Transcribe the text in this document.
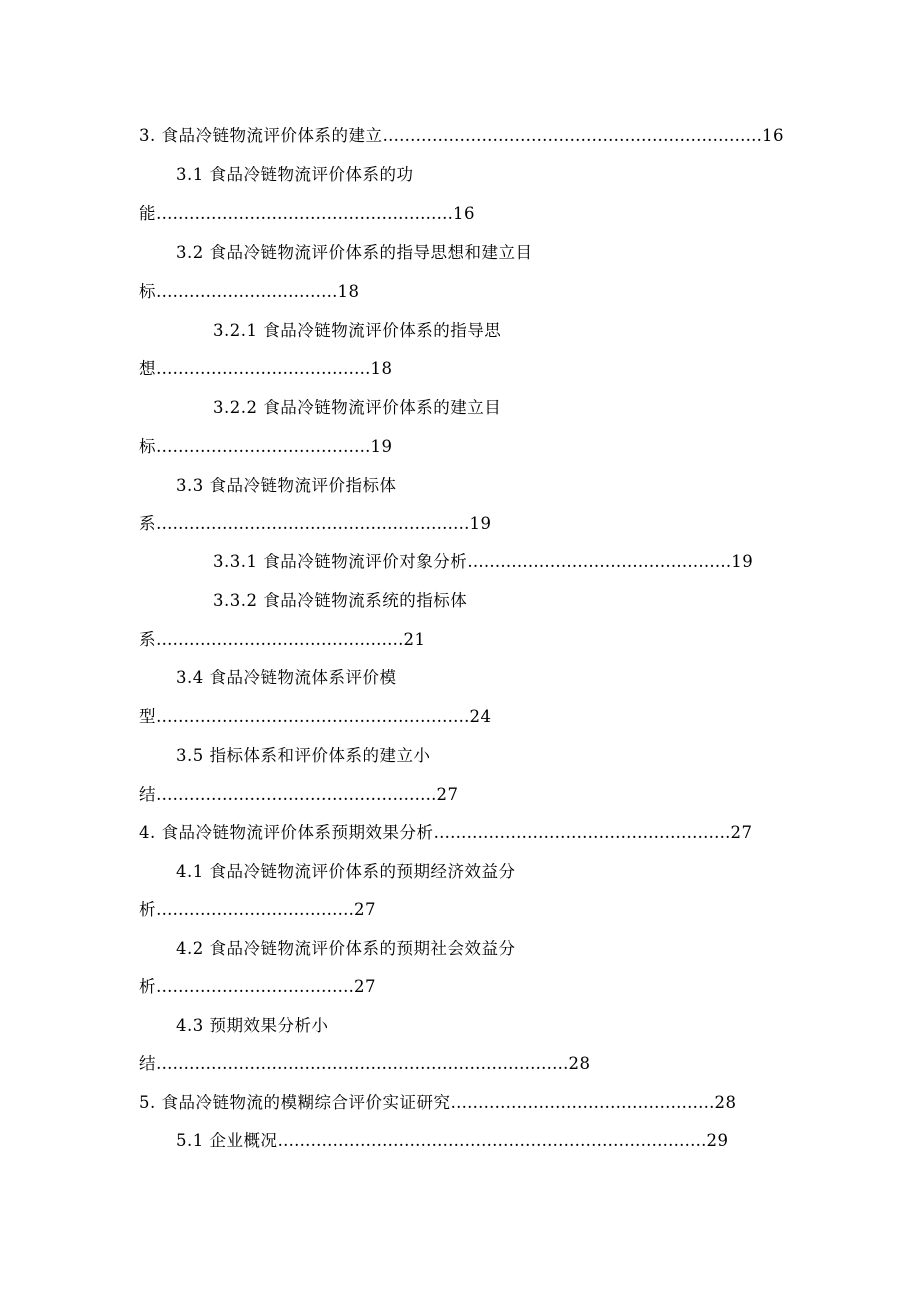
3. 食品冷链物流评价体系的建立……………………………………………………………16
3.1 食品冷链物流评价体系的功
能………………………………………………16
3.2 食品冷链物流评价体系的指导思想和建立目
标……………………………18
3.2.1 食品冷链物流评价体系的指导思
想…………………………………18
3.2.2 食品冷链物流评价体系的建立目
标…………………………………19
3.3 食品冷链物流评价指标体
系…………………………………………………19
3.3.1 食品冷链物流评价对象分析…………………………………………19
3.3.2 食品冷链物流系统的指标体
系………………………………………21
3.4 食品冷链物流体系评价模
型…………………………………………………24
3.5 指标体系和评价体系的建立小
结……………………………………………27
4. 食品冷链物流评价体系预期效果分析………………………………………………27
4.1 食品冷链物流评价体系的预期经济效益分
析………………………………27
4.2 食品冷链物流评价体系的预期社会效益分
析………………………………27
4.3 预期效果分析小
结…………………………………………………………………28
5. 食品冷链物流的模糊综合评价实证研究…………………………………………28
5.1 企业概况……………………………………………………………………29
